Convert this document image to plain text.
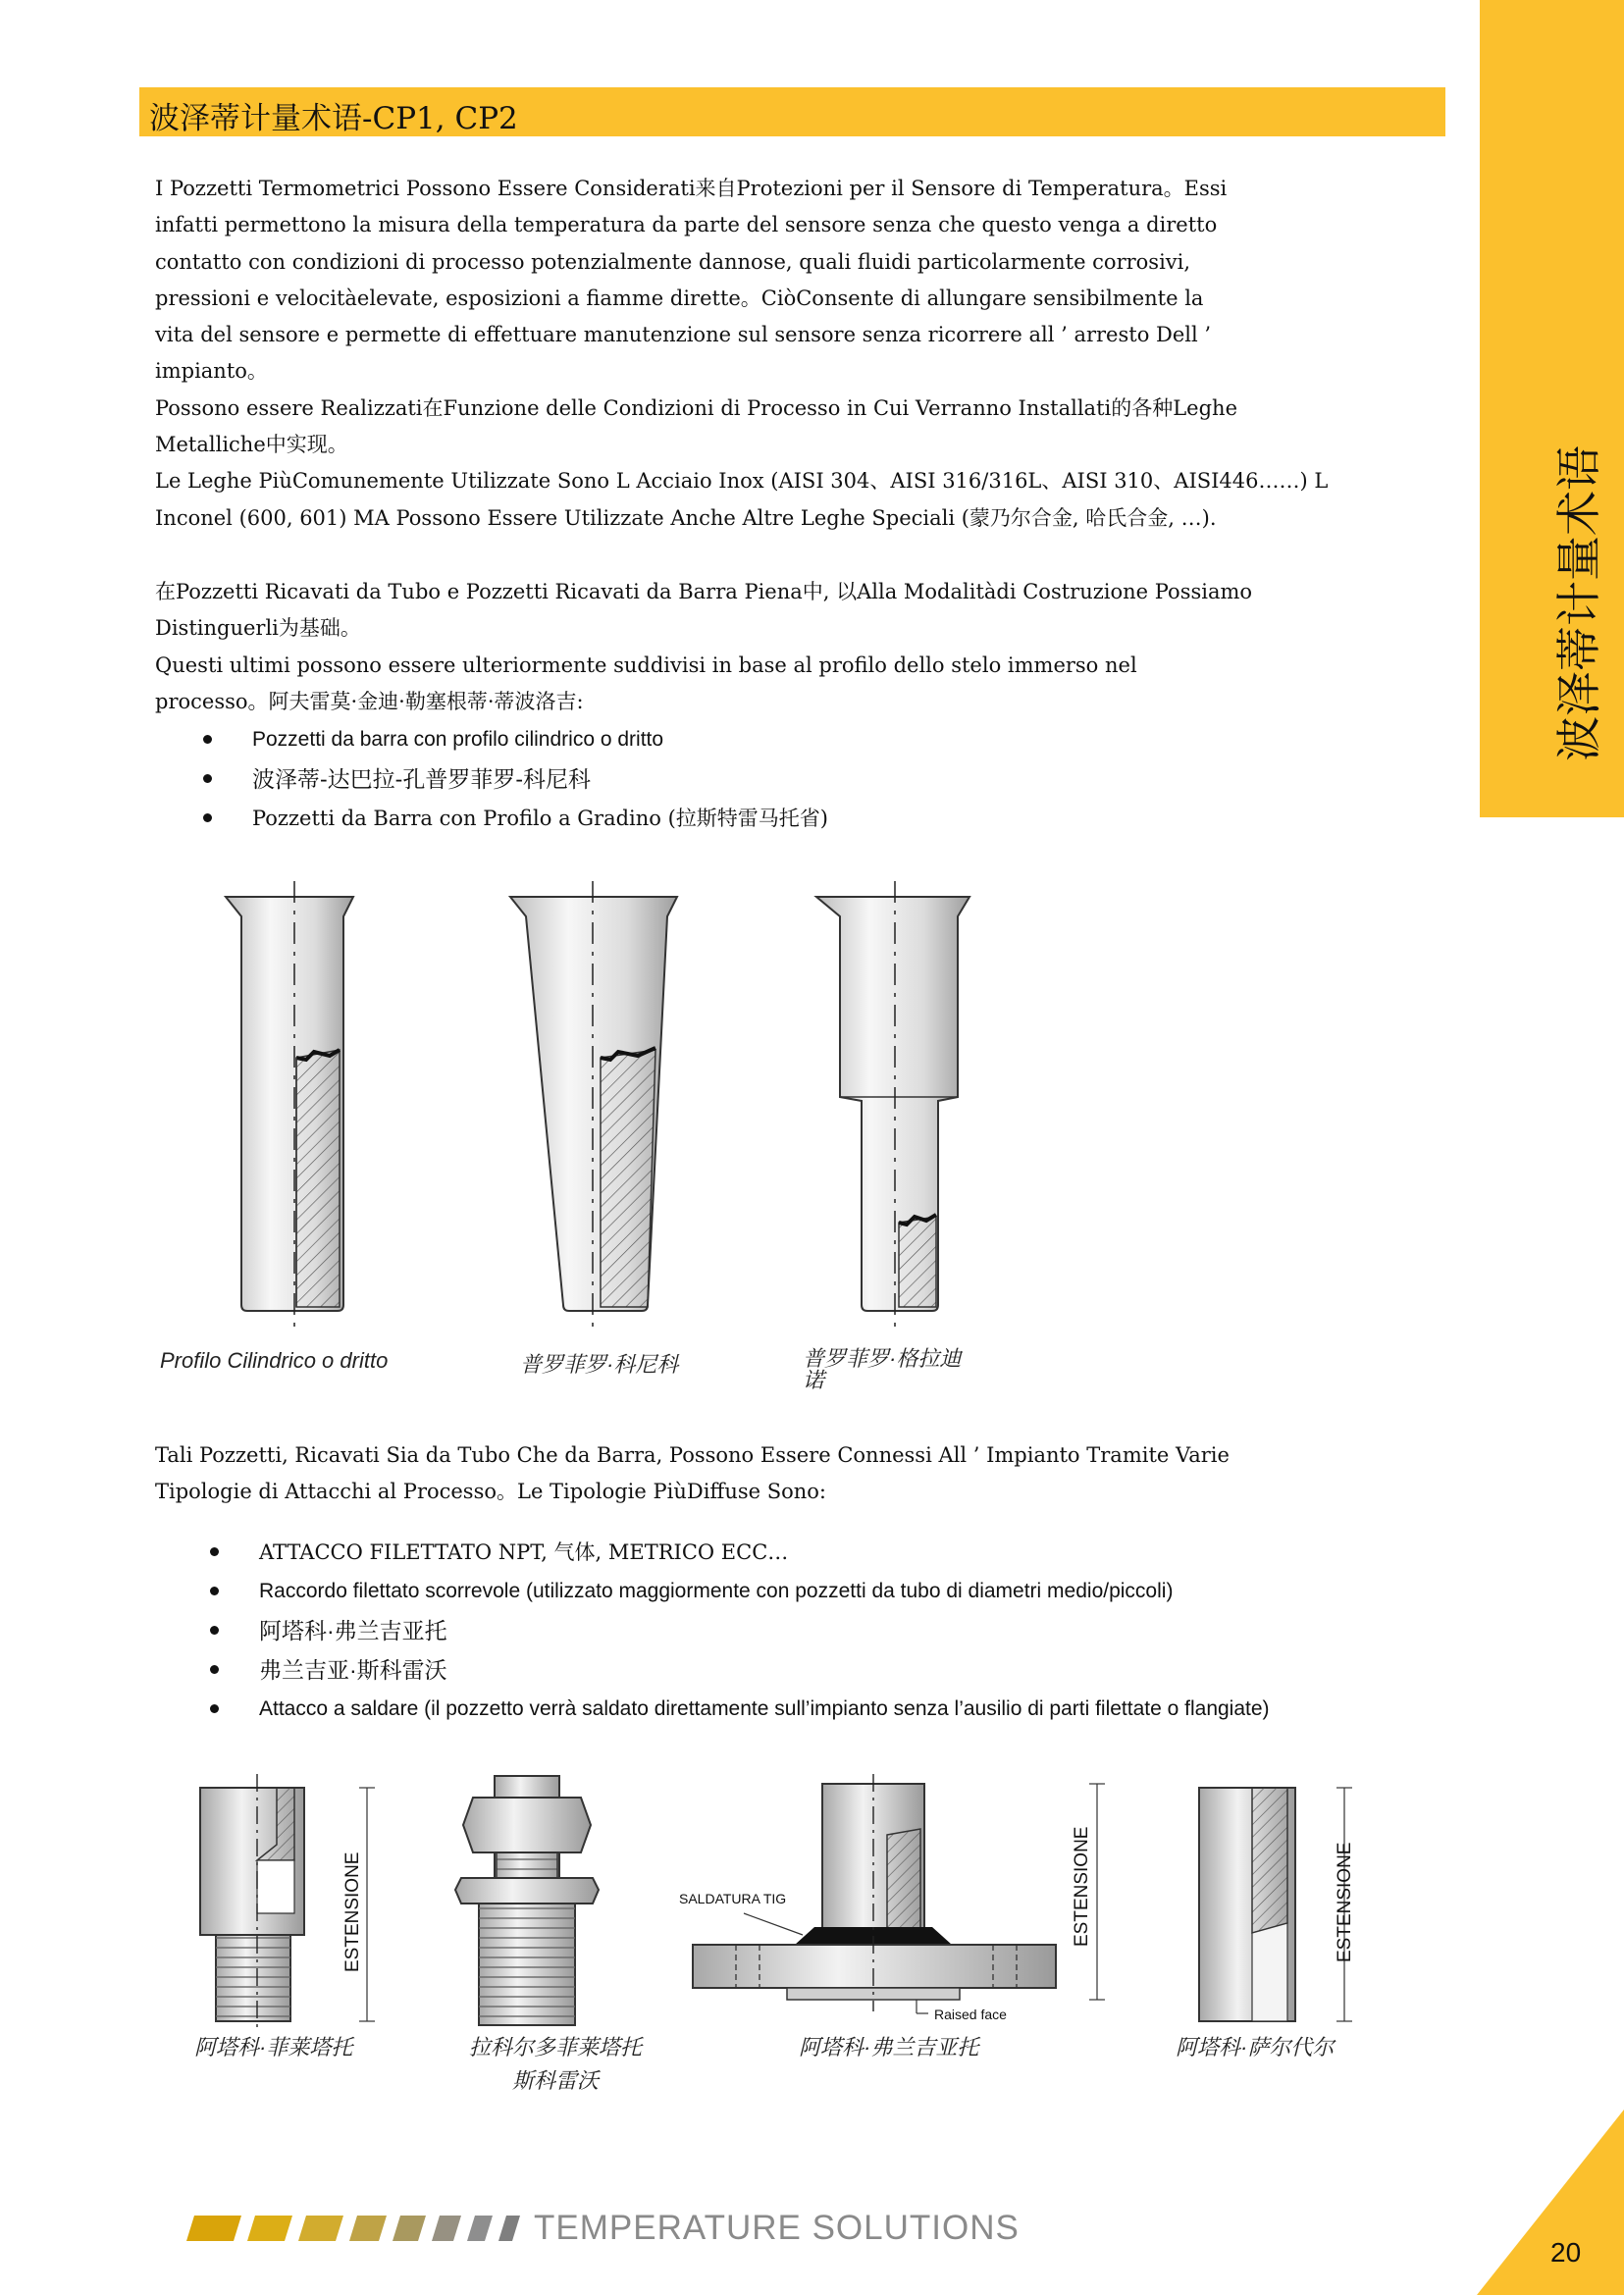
波泽蒂计量术语-CP1, CP2
波泽蒂计量术语

I Pozzetti Termometrici Possono Essere Considerati来自Protezioni per il Sensore di Temperatura。Essi

infatti permettono la misura della temperatura da parte del sensore senza che questo venga a diretto

contatto con condizioni di processo potenzialmente dannose, quali fluidi particolarmente corrosivi,

pressioni e velocitàelevate, esposizioni a fiamme dirette。CiòConsente di allungare sensibilmente la

vita del sensore e permette di effettuare manutenzione sul sensore senza ricorrere all ’ arresto Dell ’

impianto。

Possono essere Realizzati在Funzione delle Condizioni di Processo in Cui Verranno Installati的各种Leghe

Metalliche中实现。

Le Leghe PiùComunemente Utilizzate Sono L Acciaio Inox (AISI 304、AISI 316/316L、AISI 310、AISI446……) L

Inconel (600, 601) MA Possono Essere Utilizzate Anche Altre Leghe Speciali (蒙乃尔合金, 哈氏合金, …).

在Pozzetti Ricavati da Tubo e Pozzetti Ricavati da Barra Piena中, 以Alla Modalitàdi Costruzione Possiamo

Distinguerli为基础。

Questi ultimi possono essere ulteriormente suddivisi in base al profilo dello stelo immerso nel

processo。阿夫雷莫·金迪·勒塞根蒂·蒂波洛吉:

Pozzetti da barra con profilo cilindrico o dritto
波泽蒂-达巴拉-孔普罗菲罗-科尼科
Pozzetti da Barra con Profilo a Gradino (拉斯特雷马托省)
Profilo Cilindrico o dritto	普罗菲罗·科尼科	普罗菲罗·格拉迪
诺

Tali Pozzetti, Ricavati Sia da Tubo Che da Barra, Possono Essere Connessi All ’ Impianto Tramite Varie

Tipologie di Attacchi al Processo。Le Tipologie PiùDiffuse Sono:

ATTACCO FILETTATO NPT, 气体, METRICO ECC…
Raccordo filettato scorrevole (utilizzato maggiormente con pozzetti da tubo di diametri medio/piccoli)
阿塔科·弗兰吉亚托
弗兰吉亚·斯科雷沃
Attacco a saldare (il pozzetto verrà saldato direttamente sull’impianto senza l’ausilio di parti filettate o flangiate)
ESTENSIONE	SALDATURA TIG
Raised face
ESTENSIONE	ESTENSIONE
阿塔科·菲莱塔托	拉科尔多菲莱塔托
斯科雷沃
阿塔科·弗兰吉亚托	阿塔科·萨尔代尔
TEMPERATURE SOLUTIONS
20
